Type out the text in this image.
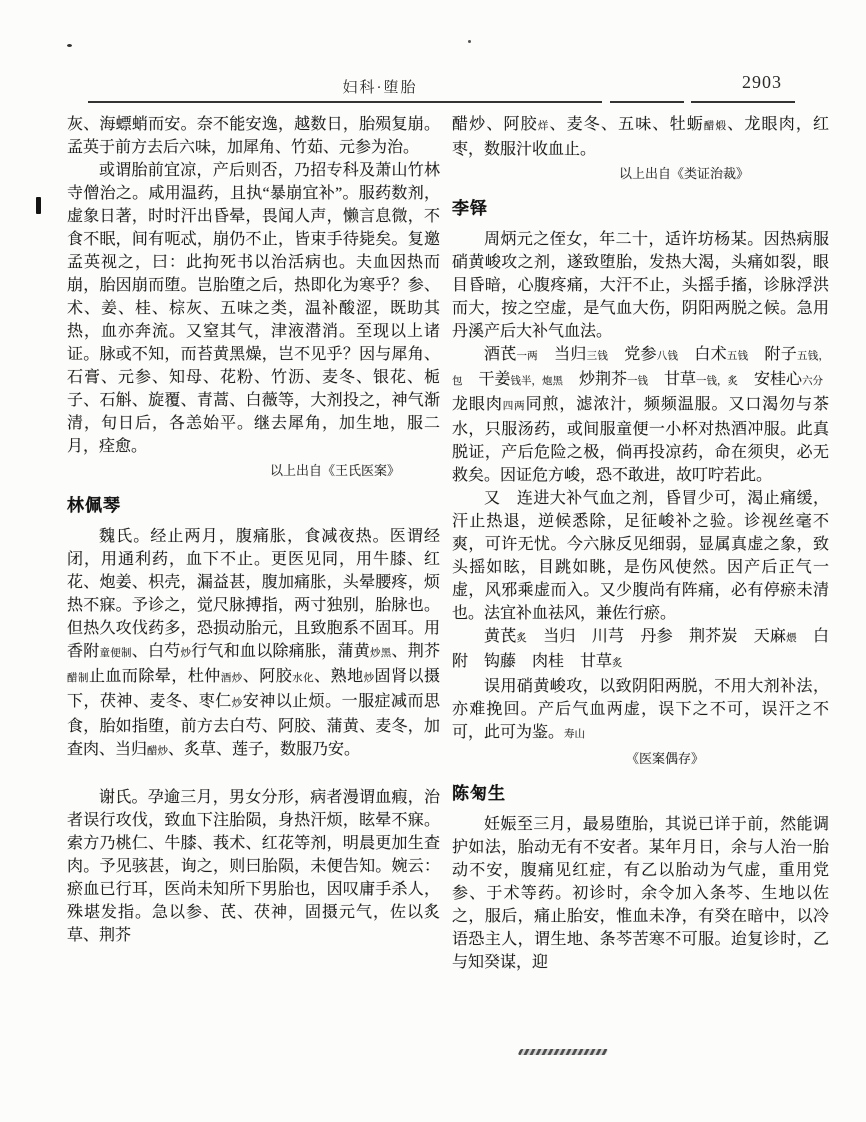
妇科·堕胎	2903

灰、海螵蛸而安。奈不能安逸，越数日，胎殒复崩。孟英于前方去后六味，加犀角、竹茹、元参为治。

或谓胎前宜凉，产后则否，乃招专科及萧山竹林寺僧治之。咸用温药，且执“暴崩宜补”。服药数剂，虚象日著，时时汗出昏晕，畏闻人声，懒言息微，不食不眠，间有呃忒，崩仍不止，皆束手待毙矣。复邀孟英视之，曰：此拘死书以治活病也。夫血因热而崩，胎因崩而堕。岂胎堕之后，热即化为寒乎？参、术、姜、桂、棕灰、五味之类，温补酸涩，既助其热，血亦奔流。又窒其气，津液潜消。至现以上诸证。脉或不知，而苔黄黑燥，岂不见乎？因与犀角、石膏、元参、知母、花粉、竹沥、麦冬、银花、栀子、石斛、旋覆、青蒿、白薇等，大剂投之，神气渐清，旬日后，各恙始平。继去犀角，加生地，服二月，痊愈。

以上出自《王氏医案》

林佩琴

魏氏。经止两月，腹痛胀，食减夜热。医谓经闭，用通利药，血下不止。更医见同，用牛膝、红花、炮姜、枳壳，漏益甚，腹加痛胀，头晕腰疼，烦热不寐。予诊之，觉尺脉搏指，两寸独别，胎脉也。但热久攻伐药多，恐损动胎元，且致胞系不固耳。用香附童便制、白芍炒行气和血以除痛胀，蒲黄炒黑、荆芥醋制止血而除晕，杜仲酒炒、阿胶水化、熟地炒固肾以摄下，茯神、麦冬、枣仁炒安神以止烦。一服症减而思食，胎如指堕，前方去白芍、阿胶、蒲黄、麦冬，加查肉、当归醋炒、炙草、莲子，数服乃安。

谢氏。孕逾三月，男女分形，病者漫谓血瘕，治者误行攻伐，致血下注胎陨，身热汗烦，眩晕不寐。索方乃桃仁、牛膝、莪术、红花等剂，明晨更加生查肉。予见骇甚，询之，则曰胎陨，未便告知。婉云：瘀血已行耳，医尚未知所下男胎也，因叹庸手杀人，殊堪发指。急以参、芪、茯神，固摄元气，佐以炙草、荆芥

醋炒、阿胶烊、麦冬、五味、牡蛎醋煅、龙眼肉，红枣，数服汁收血止。

以上出自《类证治裁》

李铎

周炳元之侄女，年二十，适许坊杨某。因热病服硝黄峻攻之剂，遂致堕胎，发热大渴，头痛如裂，眼目昏暗，心腹疼痛，大汗不止，头摇手搐，诊脉浮洪而大，按之空虚，是气血大伤，阴阳两脱之候。急用丹溪产后大补气血法。

酒芪一两　当归三钱　党参八钱　白术五钱　附子五钱，包　干姜钱半，炮黑　炒荆芥一钱　甘草一钱，炙　安桂心六分　龙眼肉四两同煎，滤浓汁，频频温服。又口渴勿与茶水，只服汤药，或间服童便一小杯对热酒冲服。此真脱证，产后危险之极，倘再投凉药，命在须臾，必无救矣。因证危方峻，恐不敢进，故叮咛若此。

又　连进大补气血之剂，昏冒少可，渴止痛缓，汗止热退，逆候悉除，足征峻补之验。诊视丝毫不爽，可许无忧。今六脉反见细弱，显属真虚之象，致头摇如眩，目跳如眺，是伤风使然。因产后正气一虚，风邪乘虚而入。又少腹尚有阵痛，必有停瘀未清也。法宜补血祛风，兼佐行瘀。

黄芪炙　当归　川芎　丹参　荆芥炭　天麻煨　白附　钩藤　肉桂　甘草炙

误用硝黄峻攻，以致阴阳两脱，不用大剂补法，亦难挽回。产后气血两虚，误下之不可，误汗之不可，此可为鉴。寿山

《医案偶存》

陈匊生

妊娠至三月，最易堕胎，其说已详于前，然能调护如法，胎动无有不安者。某年月日，余与人治一胎动不安，腹痛见红症，有乙以胎动为气虚，重用党参、于术等药。初诊时，余令加入条芩、生地以佐之，服后，痛止胎安，惟血未净，有癸在暗中，以冷语恐主人，谓生地、条芩苦寒不可服。迨复诊时，乙与知癸谋，迎
